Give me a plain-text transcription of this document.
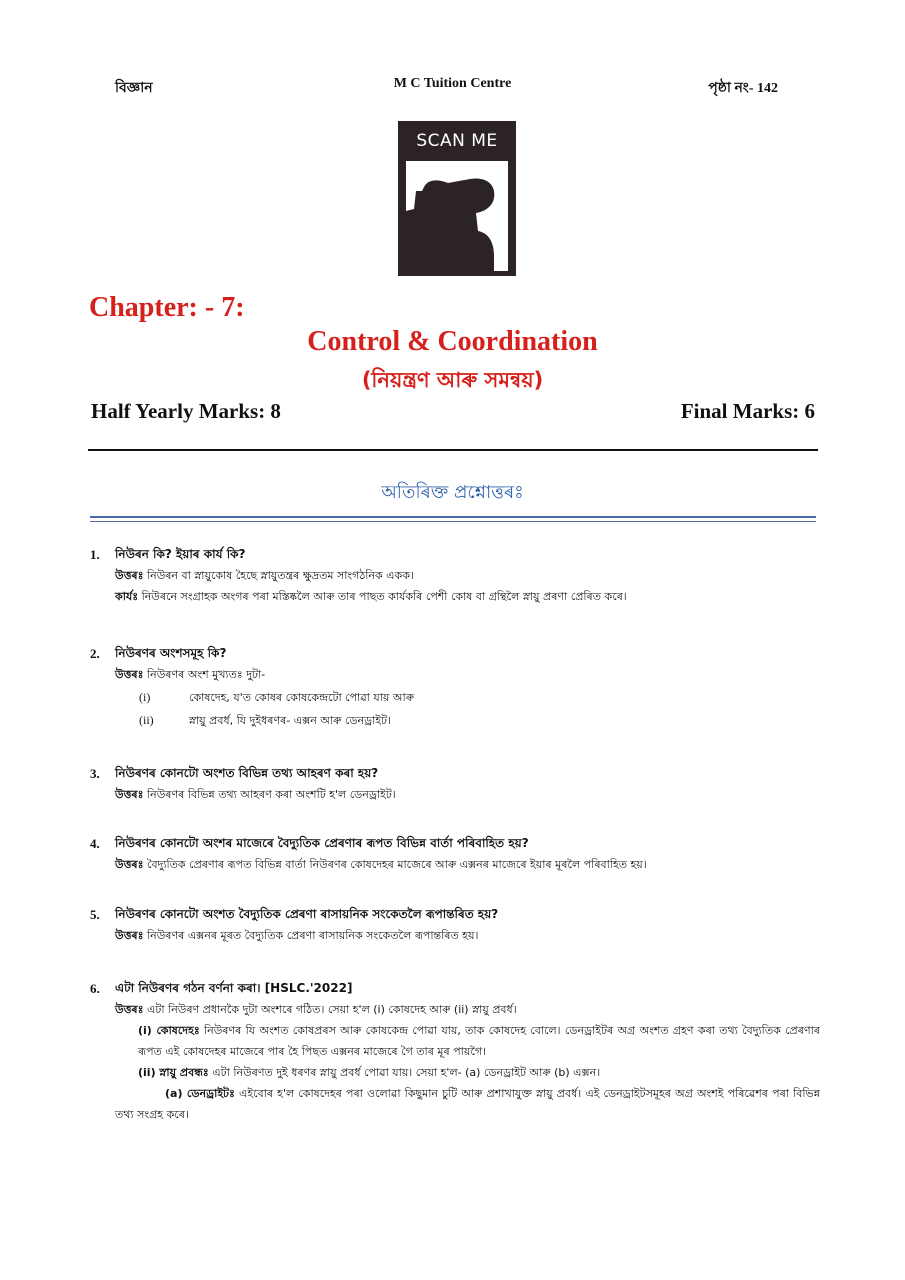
বিজ্ঞান	M C Tuition Centre	পৃষ্ঠা নং- 142
SCAN ME
Chapter: - 7:
Control & Coordination
(নিয়ন্ত্ৰণ আৰু সমন্বয়)
Half Yearly Marks: 8	Final Marks: 6
অতিৰিক্ত প্ৰশ্নোত্তৰঃ
1. নিউৰন কি? ইয়াৰ কাৰ্য কি?
উত্তৰঃ নিউৰন বা স্নায়ুকোষ হৈছে স্নায়ুতন্ত্ৰৰ ক্ষুদ্ৰতম সাংগঠনিক একক।
কাৰ্যঃ নিউৰনে সংগ্ৰাহক অংগৰ পৰা মস্তিষ্কলৈ আৰু তাৰ পাছত কাৰ্যকৰি পেশী কোষ বা গ্ৰন্থিলৈ স্নায়ু প্ৰৰণা প্ৰেৰিত কৰে।
2. নিউৰণৰ অংশসমূহ কি?
উত্তৰঃ নিউৰণৰ অংশ মুখ্যতঃ দুটা-
(i)	কোষদেহ, য'ত কোষৰ কোষকেন্দ্ৰটো পোৱা যায় আৰু
(ii)	স্নায়ু প্ৰবৰ্ধ, যি দুইধৰণৰ- এক্সন আৰু ডেনড্ৰাইট।
3. নিউৰণৰ কোনটো অংশত বিভিন্ন তথ্য আহৰণ কৰা হয়?
উত্তৰঃ নিউৰণৰ বিভিন্ন তথ্য আহৰণ কৰা অংশটি হ'ল ডেনড্ৰাইট।
4. নিউৰণৰ কোনটো অংশৰ মাজেৰে বৈদ্যুতিক প্ৰেৰণাৰ ৰূপত বিভিন্ন বাৰ্তা পৰিবাহিত হয়?
উত্তৰঃ বৈদ্যুতিক প্ৰেৰণাৰ ৰূপত বিভিন্ন বাৰ্তা নিউৰণৰ কোষদেহৰ মাজেৰে আৰু এক্সনৰ মাজেৰে ইয়াৰ মূৰলৈ পৰিবাহিত হয়।
5. নিউৰণৰ কোনটো অংশত বৈদ্যুতিক প্ৰেৰণা ৰাসায়নিক সংকেতলৈ ৰূপান্তৰিত হয়?
উত্তৰঃ নিউৰণৰ এক্সনৰ মূৰত বৈদ্যুতিক প্ৰেৰণা ৰাসায়নিক সংকেতলৈ ৰূপান্তৰিত হয়।
6. এটা নিউৰণৰ গঠন বৰ্ণনা কৰা। [HSLC.'2022]
উত্তৰঃ এটা নিউৰণ প্ৰধানকৈ দুটা অংশৰে গঠিত। সেয়া হ'ল (i) কোষদেহ আৰু (ii) স্নায়ু প্ৰবৰ্ধ।
(i) কোষদেহঃ নিউৰণৰ যি অংশত কোষপ্ৰৰস আৰু কোষকেন্দ্ৰ পোৱা যায়, তাক কোষদেহ বোলে। ডেনড্ৰাইটৰ অগ্ৰ অংশত গ্ৰহণ কৰা তথ্য বৈদ্যুতিক প্ৰেৰণাৰ ৰূপত এই কোষদেহৰ মাজেৰে পাৰ হৈ পিছত এক্সনৰ মাজেৰে গৈ তাৰ মূৰ পায়গৈ।
(ii) স্নায়ু প্ৰবন্ধঃ এটা নিউৰণত দুই ধৰণৰ স্নায়ু প্ৰবৰ্ধ পোৱা যায়। সেয়া হ'ল- (a) ডেনড্ৰাইট আৰু (b) এক্সন।
(a) ডেনড্ৰাইটঃ এইবোৰ হ'ল কোষদেহৰ পৰা ওলোৱা কিছুমান চুটি আৰু প্ৰশাখাযুক্ত স্নায়ু প্ৰবৰ্ধ। এই ডেনড্ৰাইটসমূহৰ অগ্ৰ অংশই পৰিৱেশৰ পৰা বিভিন্ন তথ্য সংগ্ৰহ কৰে।
